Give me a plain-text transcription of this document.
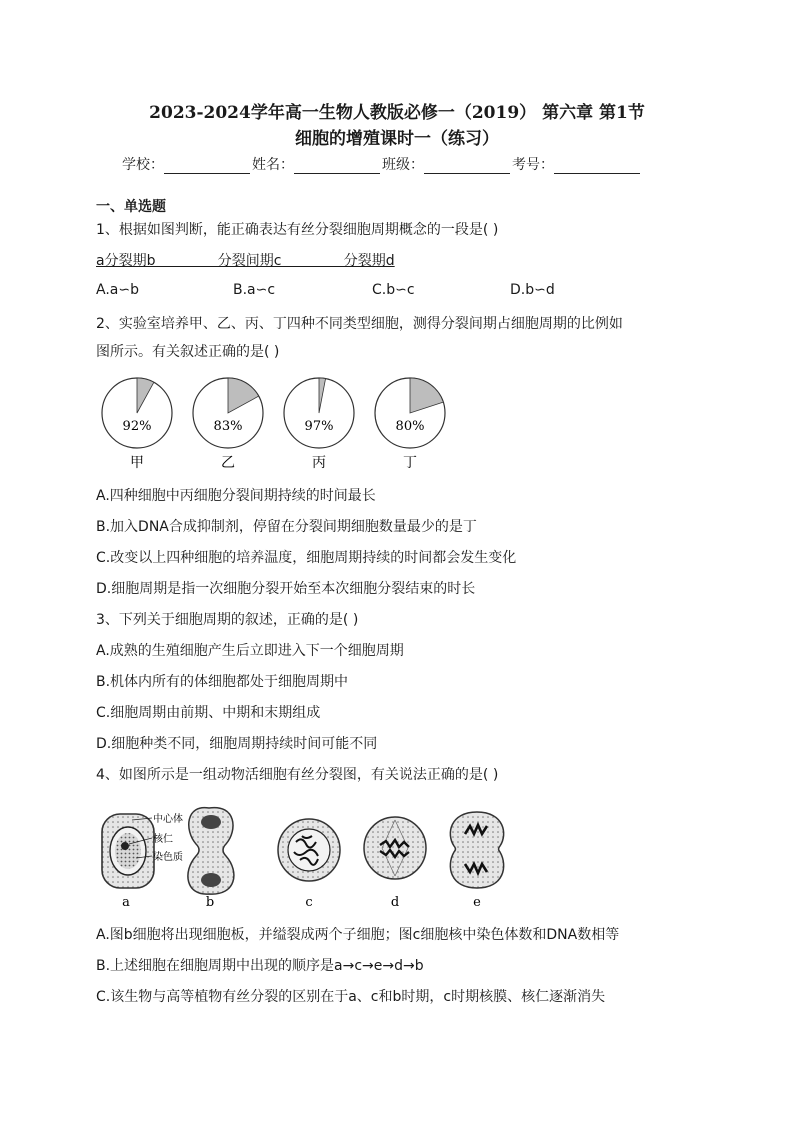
2023-2024学年高一生物人教版必修一（2019） 第六章 第1节
细胞的增殖课时一（练习）
学校：	姓名：	班级：	考号：
一、单选题
1、根据如图判断，能正确表达有丝分裂细胞周期概念的一段是( )
a分裂期b              分裂间期c              分裂期d
A.a∽b	B.a∽c	C.b∽c	D.b∽d
2、实验室培养甲、乙、丙、丁四种不同类型细胞，测得分裂间期占细胞周期的比例如
图所示。有关叙述正确的是( )
92%
甲
83%
乙
97%
丙
80%
丁
A.四种细胞中丙细胞分裂间期持续的时间最长
B.加入DNA合成抑制剂，停留在分裂间期细胞数量最少的是丁
C.改变以上四种细胞的培养温度，细胞周期持续的时间都会发生变化
D.细胞周期是指一次细胞分裂开始至本次细胞分裂结束的时长
3、下列关于细胞周期的叙述，正确的是( )
A.成熟的生殖细胞产生后立即进入下一个细胞周期
B.机体内所有的体细胞都处于细胞周期中
C.细胞周期由前期、中期和末期组成
D.细胞种类不同，细胞周期持续时间可能不同
4、如图所示是一组动物活细胞有丝分裂图，有关说法正确的是( )
中心体
核仁
染色质
a	b	c	d	e
A.图b细胞将出现细胞板，并缢裂成两个子细胞；图c细胞核中染色体数和DNA数相等
B.上述细胞在细胞周期中出现的顺序是a→c→e→d→b
C.该生物与高等植物有丝分裂的区别在于a、c和b时期，c时期核膜、核仁逐渐消失
